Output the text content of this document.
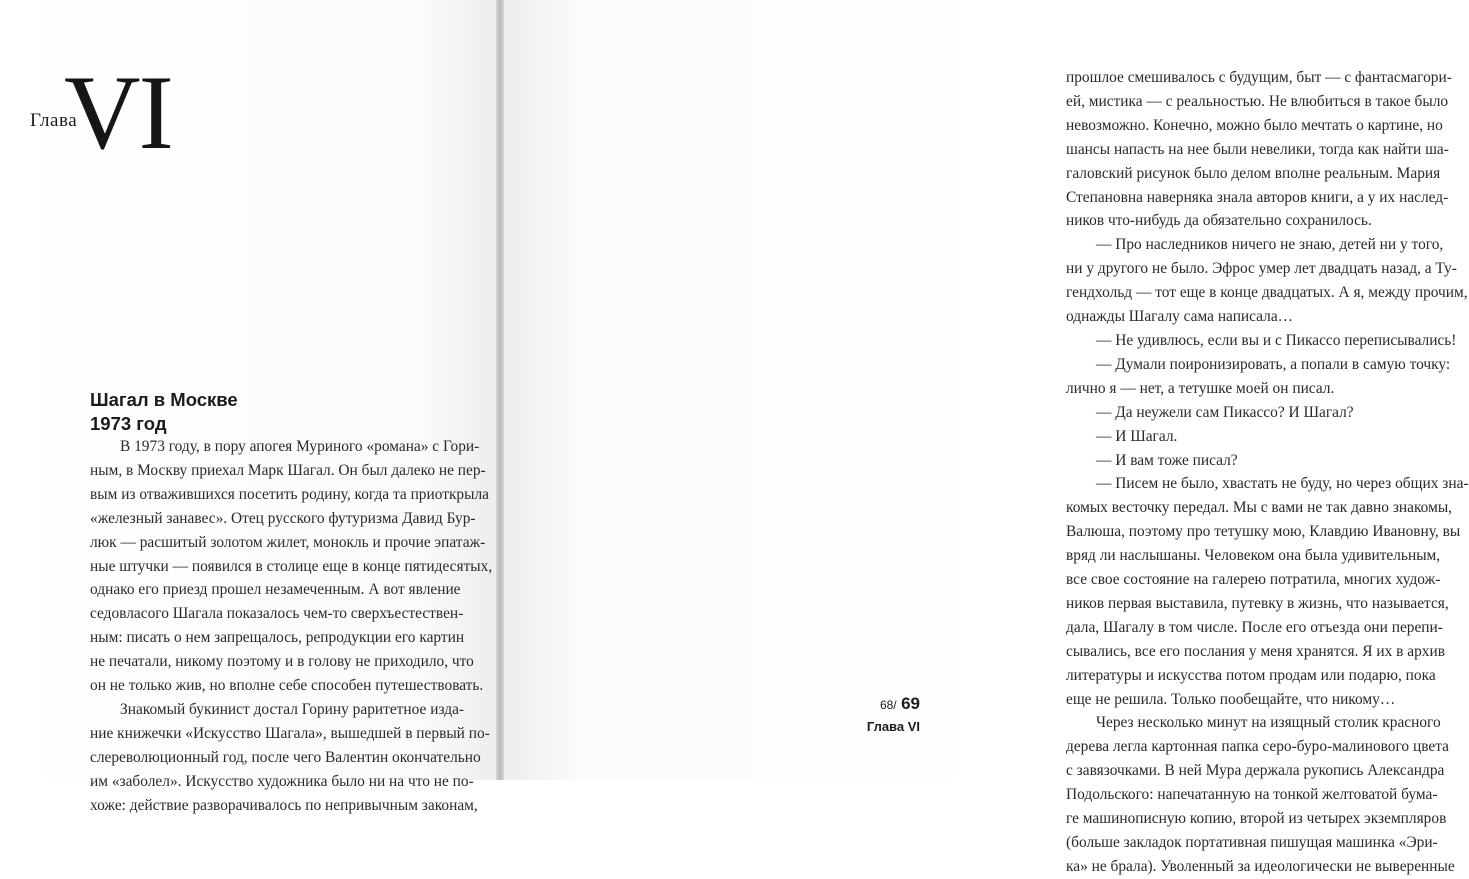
Глава
VI
Шагал в Москве
1973 год
В 1973 году, в пору апогея Муриного «романа» с Гори-
ным, в Москву приехал Марк Шагал. Он был далеко не пер-
вым из отважившихся посетить родину, когда та приоткрыла
«железный занавес». Отец русского футуризма Давид Бур-
люк — расшитый золотом жилет, монокль и прочие эпатаж-
ные штучки — появился в столице еще в конце пятидесятых,
однако его приезд прошел незамеченным. А вот явление
седовласого Шагала показалось чем-то сверхъестествен-
ным: писать о нем запрещалось, репродукции его картин
не печатали, никому поэтому и в голову не приходило, что
он не только жив, но вполне себе способен путешествовать.
Знакомый букинист достал Горину раритетное изда-
ние книжечки «Искусство Шагала», вышедшей в первый по-
слереволюционный год, после чего Валентин окончательно
им «заболел». Искусство художника было ни на что не по-
хоже: действие разворачивалось по непривычным законам,
прошлое смешивалось с будущим, быт — с фантасмагори-
ей, мистика — с реальностью. Не влюбиться в такое было
невозможно. Конечно, можно было мечтать о картине, но
шансы напасть на нее были невелики, тогда как найти ша-
галовский рисунок было делом вполне реальным. Мария
Степановна наверняка знала авторов книги, а у их наслед-
ников что-нибудь да обязательно сохранилось.
— Про наследников ничего не знаю, детей ни у того,
ни у другого не было. Эфрос умер лет двадцать назад, а Ту-
гендхольд — тот еще в конце двадцатых. А я, между прочим,
однажды Шагалу сама написала…
— Не удивлюсь, если вы и с Пикассо переписывались!
— Думали поиронизировать, а попали в самую точку:
лично я — нет, а тетушке моей он писал.
— Да неужели сам Пикассо? И Шагал?
— И Шагал.
— И вам тоже писал?
— Писем не было, хвастать не буду, но через общих зна-
комых весточку передал. Мы с вами не так давно знакомы,
Валюша, поэтому про тетушку мою, Клавдию Ивановну, вы
вряд ли наслышаны. Человеком она была удивительным,
все свое состояние на галерею потратила, многих худож-
ников первая выставила, путевку в жизнь, что называется,
дала, Шагалу в том числе. После его отъезда они перепи-
сывались, все его послания у меня хранятся. Я их в архив
литературы и искусства потом продам или подарю, пока
еще не решила. Только пообещайте, что никому…
Через несколько минут на изящный столик красного
дерева легла картонная папка серо-буро-малинового цвета
с завязочками. В ней Мура держала рукопись Александра
Подольского: напечатанную на тонкой желтоватой бума-
ге машинописную копию, второй из четырех экземпляров
(больше закладок портативная пишущая машинка «Эри-
ка» не брала). Уволенный за идеологически не выверенные
68/ 69
Глава VI
